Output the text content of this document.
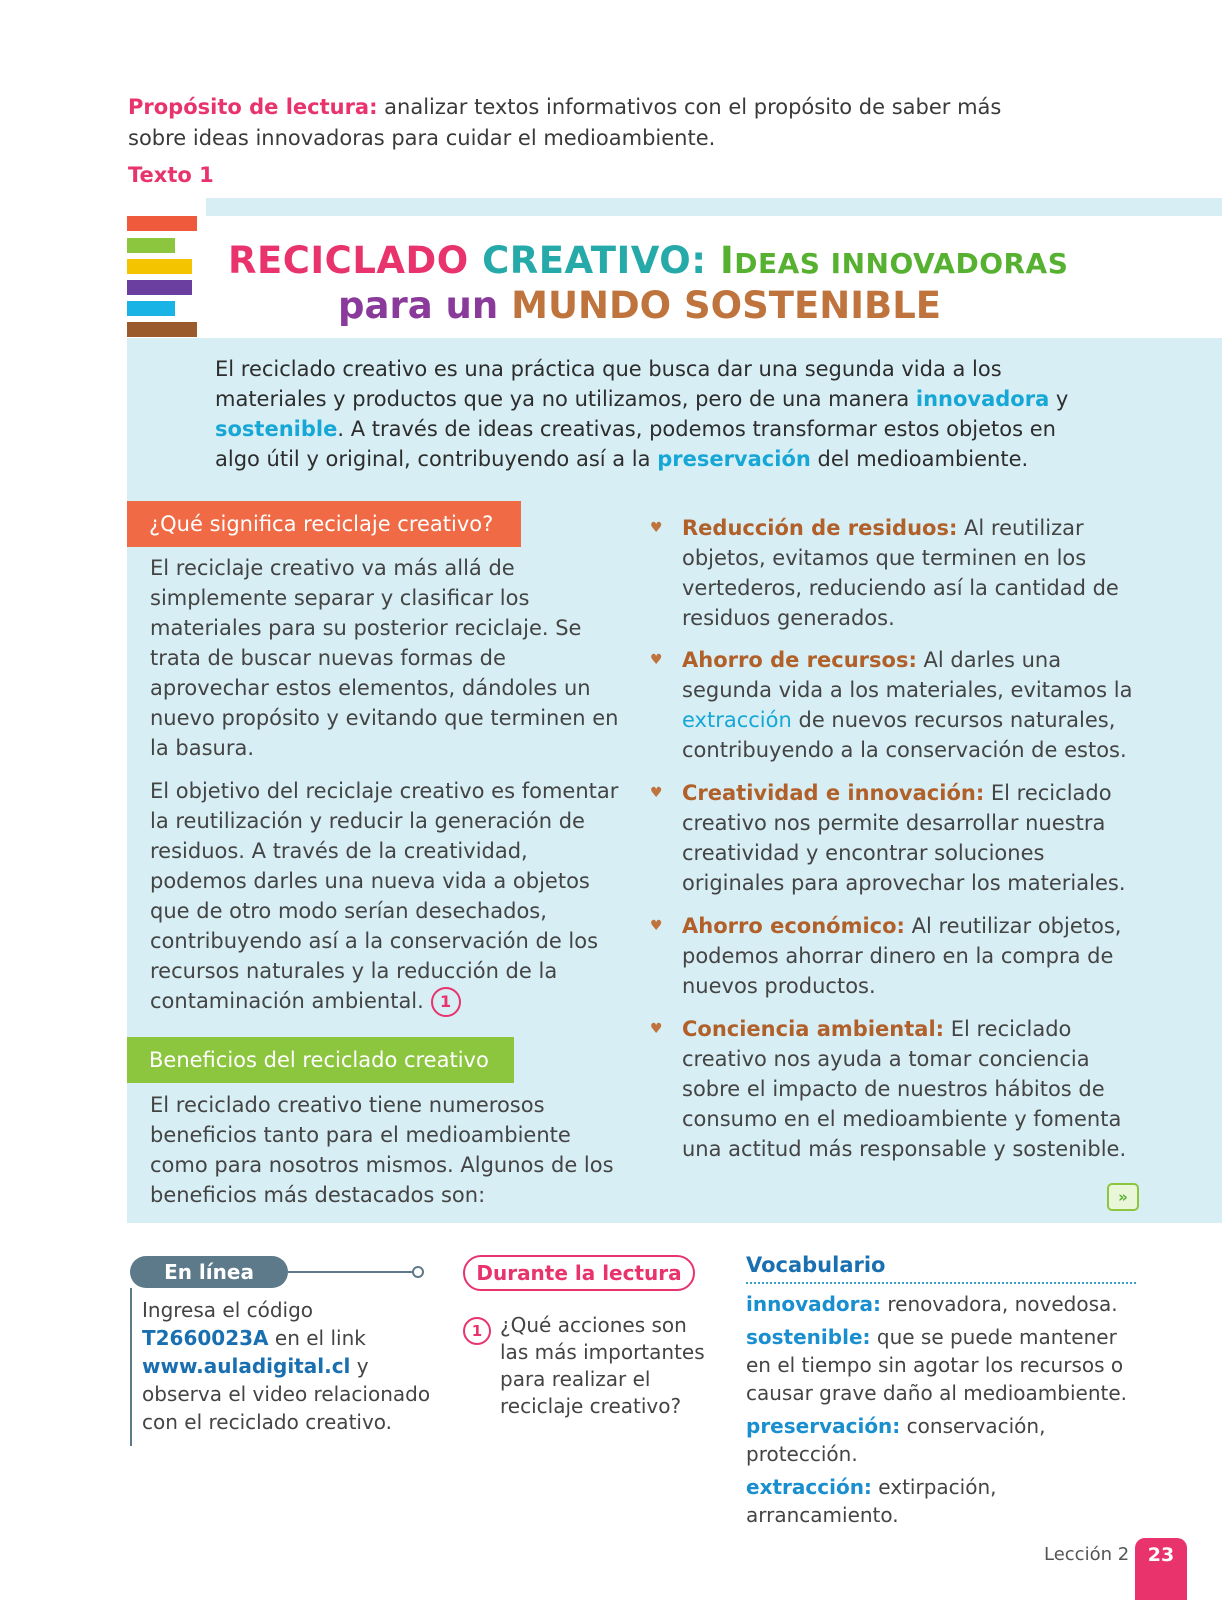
Propósito de lectura: analizar textos informativos con el propósito de saber más sobre ideas innovadoras para cuidar el medioambiente.
Texto 1
RECICLADO CREATIVO: IDEAS INNOVADORAS
para un MUNDO SOSTENIBLE
El reciclado creativo es una práctica que busca dar una segunda vida a los materiales y productos que ya no utilizamos, pero de una manera innovadora y sostenible. A través de ideas creativas, podemos transformar estos objetos en algo útil y original, contribuyendo así a la preservación del medioambiente.
¿Qué significa reciclaje creativo?
El reciclaje creativo va más allá de simplemente separar y clasificar los materiales para su posterior reciclaje. Se trata de buscar nuevas formas de aprovechar estos elementos, dándoles un nuevo propósito y evitando que terminen en la basura.
El objetivo del reciclaje creativo es fomentar la reutilización y reducir la generación de residuos. A través de la creatividad, podemos darles una nueva vida a objetos que de otro modo serían desechados, contribuyendo así a la conservación de los recursos naturales y la reducción de la contaminación ambiental. 1
Beneficios del reciclado creativo
El reciclado creativo tiene numerosos beneficios tanto para el medioambiente como para nosotros mismos. Algunos de los beneficios más destacados son:
♥ Reducción de residuos: Al reutilizar objetos, evitamos que terminen en los vertederos, reduciendo así la cantidad de residuos generados.
♥ Ahorro de recursos: Al darles una segunda vida a los materiales, evitamos la extracción de nuevos recursos naturales, contribuyendo a la conservación de estos.
♥ Creatividad e innovación: El reciclado creativo nos permite desarrollar nuestra creatividad y encontrar soluciones originales para aprovechar los materiales.
♥ Ahorro económico: Al reutilizar objetos, podemos ahorrar dinero en la compra de nuevos productos.
♥ Conciencia ambiental: El reciclado creativo nos ayuda a tomar conciencia sobre el impacto de nuestros hábitos de consumo en el medioambiente y fomenta una actitud más responsable y sostenible.
»
En línea
Ingresa el código T2660023A en el link www.auladigital.cl y observa el video relacionado con el reciclado creativo.
Durante la lectura
1 ¿Qué acciones son las más importantes para realizar el reciclaje creativo?
Vocabulario

innovadora: renovadora, novedosa.

sostenible: que se puede mantener en el tiempo sin agotar los recursos o causar grave daño al medioambiente.

preservación: conservación, protección.

extracción: extirpación, arrancamiento.

Lección 2 23
